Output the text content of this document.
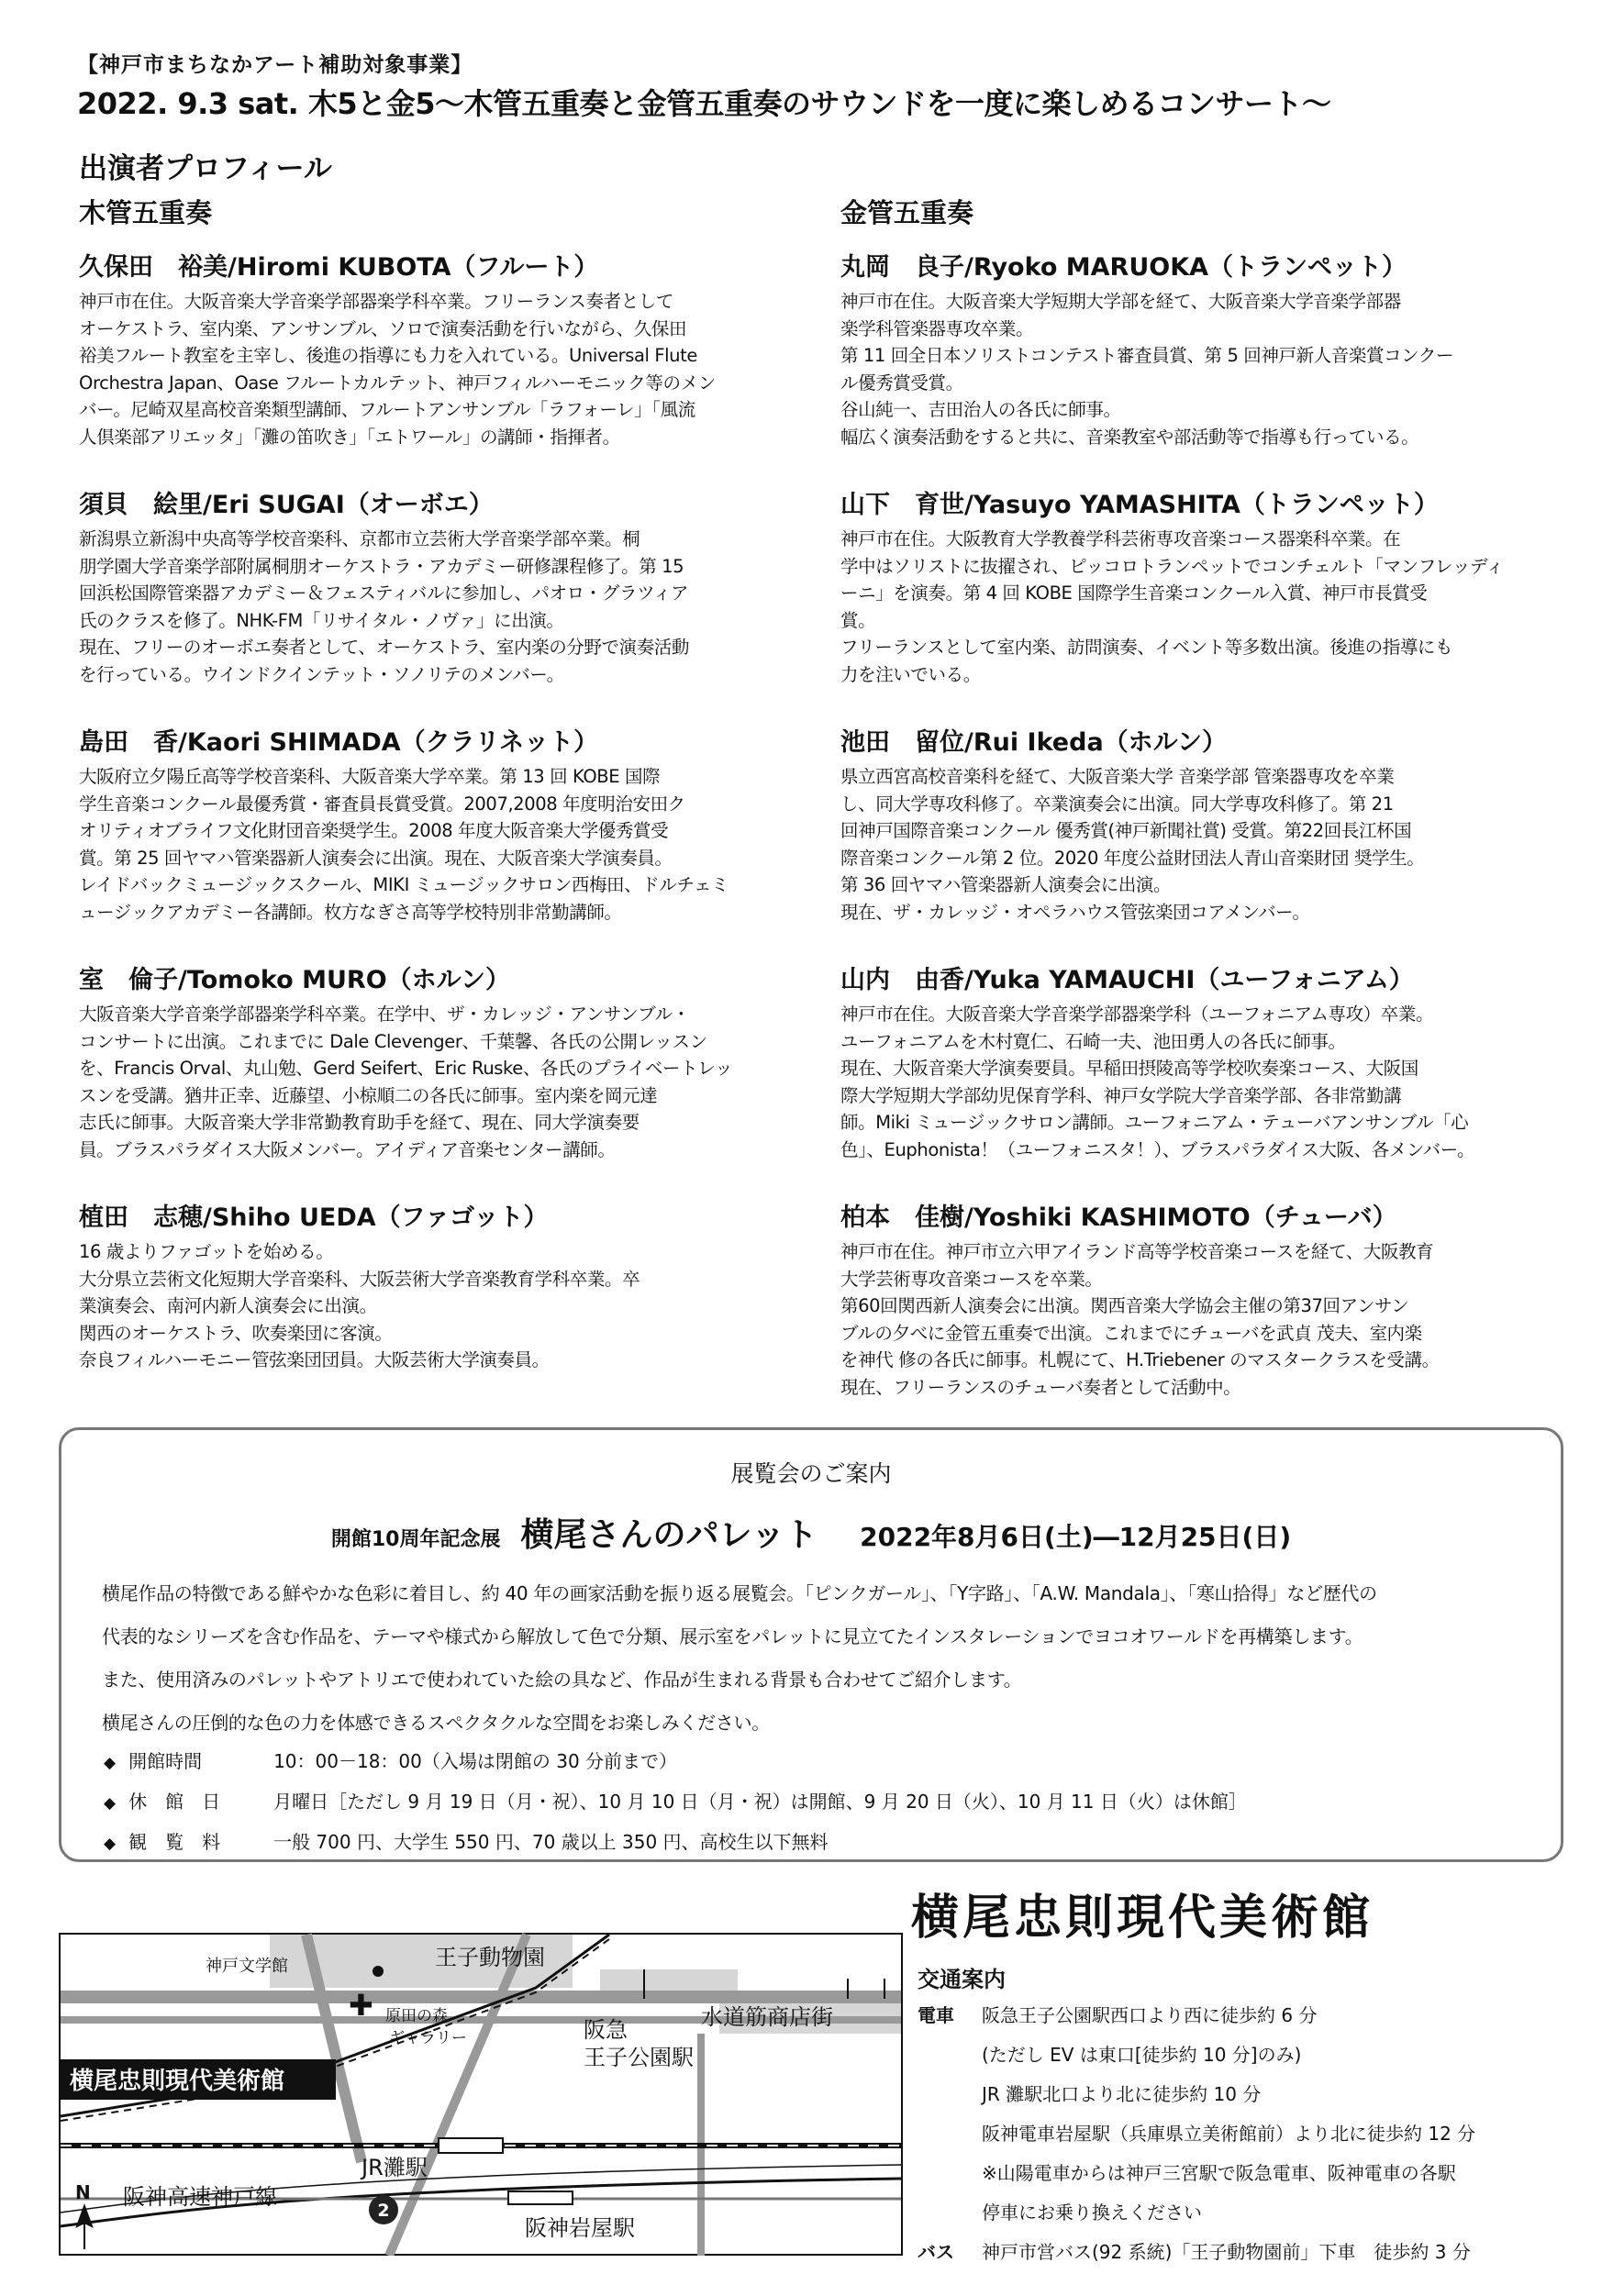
【神戸市まちなかアート補助対象事業】
2022. 9.3 sat. 木5と金5～木管五重奏と金管五重奏のサウンドを一度に楽しめるコンサート～
出演者プロフィール
木管五重奏
久保田　裕美/Hiromi KUBOTA（フルート）
神戸市在住。大阪音楽大学音楽学部器楽学科卒業。フリーランス奏者として
オーケストラ、室内楽、アンサンブル、ソロで演奏活動を行いながら、久保田
裕美フルート教室を主宰し、後進の指導にも力を入れている。Universal Flute
Orchestra Japan、Oase フルートカルテット、神戸フィルハーモニック等のメン
バー。尼崎双星高校音楽類型講師、フルートアンサンブル「ラフォーレ」「風流
人倶楽部アリエッタ」「灘の笛吹き」「エトワール」の講師・指揮者。
須貝　絵里/Eri SUGAI（オーボエ）
新潟県立新潟中央高等学校音楽科、京都市立芸術大学音楽学部卒業。桐
朋学園大学音楽学部附属桐朋オーケストラ・アカデミー研修課程修了。第 15
回浜松国際管楽器アカデミー＆フェスティバルに参加し、パオロ・グラツィア
氏のクラスを修了。NHK-FM「リサイタル・ノヴァ」に出演。
現在、フリーのオーボエ奏者として、オーケストラ、室内楽の分野で演奏活動
を行っている。ウインドクインテット・ソノリテのメンバー。
島田　香/Kaori SHIMADA（クラリネット）
大阪府立夕陽丘高等学校音楽科、大阪音楽大学卒業。第 13 回 KOBE 国際
学生音楽コンクール最優秀賞・審査員長賞受賞。2007,2008 年度明治安田ク
オリティオブライフ文化財団音楽奨学生。2008 年度大阪音楽大学優秀賞受
賞。第 25 回ヤマハ管楽器新人演奏会に出演。現在、大阪音楽大学演奏員。
レイドバックミュージックスクール、MIKI ミュージックサロン西梅田、ドルチェミ
ュージックアカデミー各講師。枚方なぎさ高等学校特別非常勤講師。
室　倫子/Tomoko MURO（ホルン）
大阪音楽大学音楽学部器楽学科卒業。在学中、ザ・カレッジ・アンサンブル・
コンサートに出演。これまでに Dale Clevenger、千葉馨、各氏の公開レッスン
を、Francis Orval、丸山勉、Gerd Seifert、Eric Ruske、各氏のプライベートレッ
スンを受講。猶井正幸、近藤望、小椋順二の各氏に師事。室内楽を岡元達
志氏に師事。大阪音楽大学非常勤教育助手を経て、現在、同大学演奏要
員。ブラスパラダイス大阪メンバー。アイディア音楽センター講師。
植田　志穂/Shiho UEDA（ファゴット）
16 歳よりファゴットを始める。
大分県立芸術文化短期大学音楽科、大阪芸術大学音楽教育学科卒業。卒
業演奏会、南河内新人演奏会に出演。
関西のオーケストラ、吹奏楽団に客演。
奈良フィルハーモニー管弦楽団団員。大阪芸術大学演奏員。
金管五重奏
丸岡　良子/Ryoko MARUOKA（トランペット）
神戸市在住。大阪音楽大学短期大学部を経て、大阪音楽大学音楽学部器
楽学科管楽器専攻卒業。
第 11 回全日本ソリストコンテスト審査員賞、第 5 回神戸新人音楽賞コンクー
ル優秀賞受賞。
谷山純一、吉田治人の各氏に師事。
幅広く演奏活動をすると共に、音楽教室や部活動等で指導も行っている。
山下　育世/Yasuyo YAMASHITA（トランペット）
神戸市在住。大阪教育大学教養学科芸術専攻音楽コース器楽科卒業。在
学中はソリストに抜擢され、ピッコロトランペットでコンチェルト「マンフレッディ
ーニ」を演奏。第 4 回 KOBE 国際学生音楽コンクール入賞、神戸市長賞受
賞。
フリーランスとして室内楽、訪問演奏、イベント等多数出演。後進の指導にも
力を注いでいる。
池田　留位/Rui Ikeda（ホルン）
県立西宮高校音楽科を経て、大阪音楽大学 音楽学部 管楽器専攻を卒業
し、同大学専攻科修了。卒業演奏会に出演。同大学専攻科修了。第 21
回神戸国際音楽コンクール 優秀賞(神戸新聞社賞) 受賞。第22回長江杯国
際音楽コンクール第 2 位。2020 年度公益財団法人青山音楽財団 奨学生。
第 36 回ヤマハ管楽器新人演奏会に出演。
現在、ザ・カレッジ・オペラハウス管弦楽団コアメンバー。
山内　由香/Yuka YAMAUCHI（ユーフォニアム）
神戸市在住。大阪音楽大学音楽学部器楽学科（ユーフォニアム専攻）卒業。
ユーフォニアムを木村寛仁、石崎一夫、池田勇人の各氏に師事。
現在、大阪音楽大学演奏要員。早稲田摂陵高等学校吹奏楽コース、大阪国
際大学短期大学部幼児保育学科、神戸女学院大学音楽学部、各非常勤講
師。Miki ミュージックサロン講師。ユーフォニアム・テューバアンサンブル「心
色」、Euphonista！（ユーフォニスタ！）、ブラスパラダイス大阪、各メンバー。
柏本　佳樹/Yoshiki KASHIMOTO（チューバ）
神戸市在住。神戸市立六甲アイランド高等学校音楽コースを経て、大阪教育
大学芸術専攻音楽コースを卒業。
第60回関西新人演奏会に出演。関西音楽大学協会主催の第37回アンサン
ブルの夕べに金管五重奏で出演。これまでにチューバを武貞 茂夫、室内楽
を神代 修の各氏に師事。札幌にて、H.Triebener のマスタークラスを受講。
現在、フリーランスのチューバ奏者として活動中。
展覧会のご案内
開館10周年記念展 横尾さんのパレット 2022年8月6日(土)―12月25日(日)

横尾作品の特徴である鮮やかな色彩に着目し、約 40 年の画家活動を振り返る展覧会。「ピンクガール」、「Y字路」、「A.W. Mandala」、「寒山拾得」など歴代の

代表的なシリーズを含む作品を、テーマや様式から解放して色で分類、展示室をパレットに見立てたインスタレーションでヨコオワールドを再構築します。

また、使用済みのパレットやアトリエで使われていた絵の具など、作品が生まれる背景も合わせてご紹介します。

横尾さんの圧倒的な色の力を体感できるスペクタクルな空間をお楽しみください。

◆ 開館時間	10：00－18：00（入場は閉館の 30 分前まで）
◆ 休　館　日	月曜日［ただし 9 月 19 日（月・祝）、10 月 10 日（月・祝）は開館、9 月 20 日（火）、10 月 11 日（火）は休館］
◆ 観　覧　料	一般 700 円、大学生 550 円、70 歳以上 350 円、高校生以下無料
2
✚
横尾忠則現代美術館
神戸文学館	王子動物園
原田の森 ギャラリー	阪急 王子公園駅
水道筋商店街
JR灘駅
阪神高速神戸線
阪神岩屋駅
N
横尾忠則現代美術館
交通案内
電車	阪急王子公園駅西口より西に徒歩約 6 分
(ただし EV は東口[徒歩約 10 分]のみ)
JR 灘駅北口より北に徒歩約 10 分
阪神電車岩屋駅（兵庫県立美術館前）より北に徒歩約 12 分
※山陽電車からは神戸三宮駅で阪急電車、阪神電車の各駅
停車にお乗り換えください
バス	神戸市営バス(92 系統)「王子動物園前」下車　徒歩約 3 分
